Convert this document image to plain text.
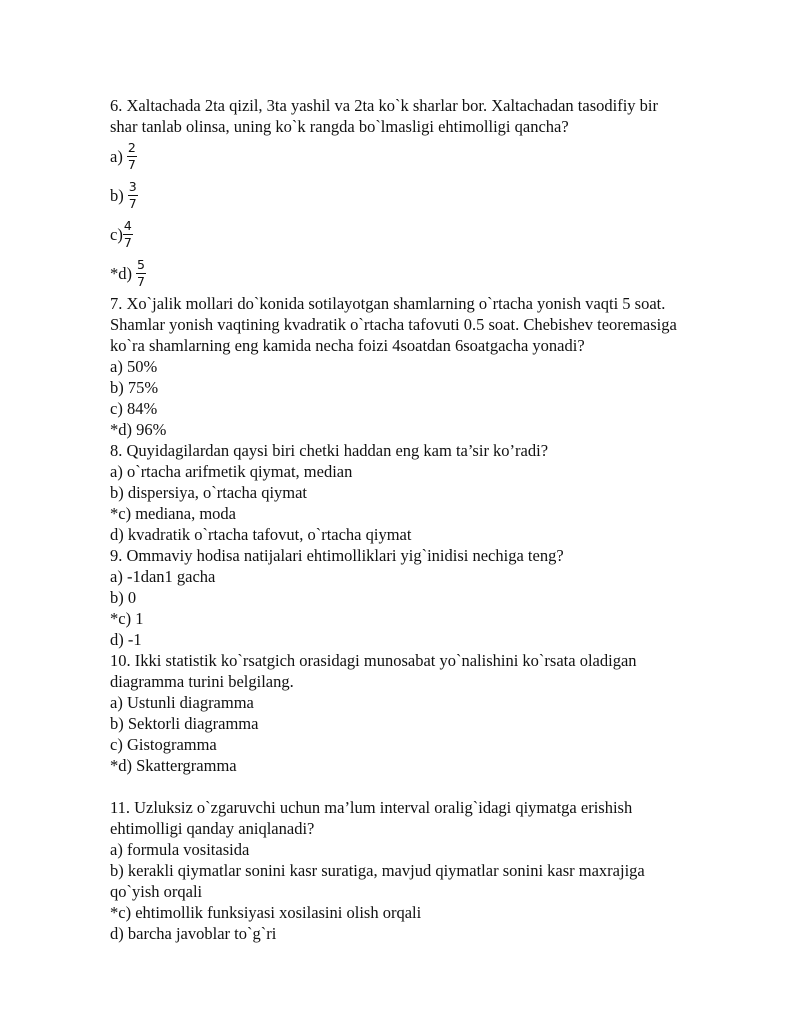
6. Xaltachada 2ta qizil, 3ta yashil va 2ta ko`k sharlar bor. Xaltachadan tasodifiy bir
shar tanlab olinsa, uning ko`k rangda bo`lmasligi ehtimolligi qancha?
$a) \frac{2}{7}$
$b) \frac{3}{7}$
$c) \frac{4}{7}$
$*d) \frac{5}{7}$
7. Xo`jalik mollari do`konida sotilayotgan shamlarning o`rtacha yonish vaqti 5 soat.
Shamlar yonish vaqtining kvadratik o`rtacha tafovuti 0.5 soat. Chebishev teoremasiga
ko`ra shamlarning eng kamida necha foizi 4soatdan 6soatgacha yonadi?
a) 50%
b) 75%
c) 84%
*d) 96%
8. Quyidagilardan qaysi biri chetki haddan eng kam ta’sir ko’radi?
a) o`rtacha arifmetik qiymat, median
b) dispersiya, o`rtacha qiymat
*c) mediana, moda
d) kvadratik o`rtacha tafovut, o`rtacha qiymat
9. Ommaviy hodisa natijalari ehtimolliklari yig`inidisi nechiga teng?
a) -1dan1 gacha
b) 0
*c) 1
d) -1
10. Ikki statistik ko`rsatgich orasidagi munosabat yo`nalishini ko`rsata oladigan
diagramma turini belgilang.
a) Ustunli diagramma
b) Sektorli diagramma
c) Gistogramma
*d) Skattergramma
11. Uzluksiz o`zgaruvchi uchun ma’lum interval oralig`idagi qiymatga erishish
ehtimolligi qanday aniqlanadi?
a) formula vositasida
b) kerakli qiymatlar sonini kasr suratiga, mavjud qiymatlar sonini kasr maxrajiga
qo`yish orqali
*c) ehtimollik funksiyasi xosilasini olish orqali
d) barcha javoblar to`g`ri
